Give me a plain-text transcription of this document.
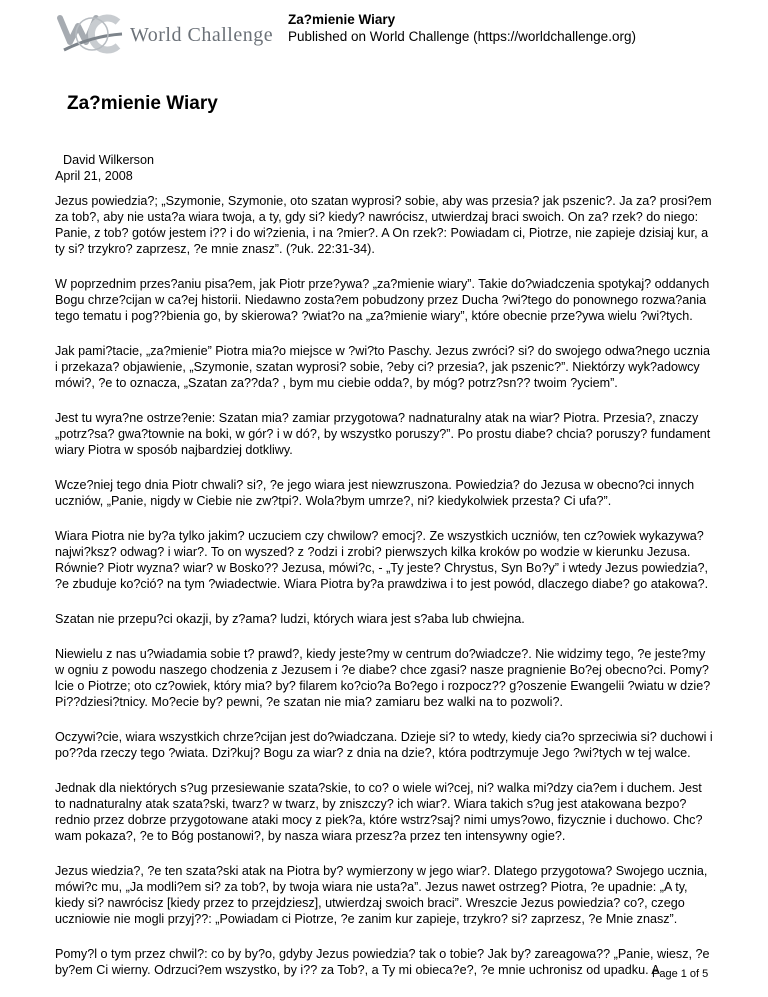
World Challenge
Za?mienie Wiary
Published on World Challenge (https://worldchallenge.org)
Za?mienie Wiary
David Wilkerson
April 21, 2008

Jezus powiedzia?; „Szymonie, Szymonie, oto szatan wyprosi? sobie, aby was przesia? jak pszenic?. Ja za? prosi?em za tob?, aby nie usta?a wiara twoja, a ty, gdy si? kiedy? nawrócisz, utwierdzaj braci swoich. On za? rzek? do niego: Panie, z tob? gotów jestem i?? i do wi?zienia, i na ?mier?. A On rzek?: Powiadam ci, Piotrze, nie zapieje dzisiaj kur, a ty si? trzykro? zaprzesz, ?e mnie znasz”. (?uk. 22:31-34).

W poprzednim przes?aniu pisa?em, jak Piotr prze?ywa? „za?mienie wiary”. Takie do?wiadczenia spotykaj? oddanych Bogu chrze?cijan w ca?ej historii. Niedawno zosta?em pobudzony przez Ducha ?wi?tego do ponownego rozwa?ania tego tematu i pog??bienia go, by skierowa? ?wiat?o na „za?mienie wiary”, które obecnie prze?ywa wielu ?wi?tych.

Jak pami?tacie, „za?mienie” Piotra mia?o miejsce w ?wi?to Paschy. Jezus zwróci? si? do swojego odwa?nego ucznia i przekaza? objawienie, „Szymonie, szatan wyprosi? sobie, ?eby ci? przesia?, jak pszenic?”. Niektórzy wyk?adowcy mówi?, ?e to oznacza, „Szatan za??da? , bym mu ciebie odda?, by móg? potrz?sn?? twoim ?yciem”.

Jest tu wyra?ne ostrze?enie: Szatan mia? zamiar przygotowa? nadnaturalny atak na wiar? Piotra. Przesia?, znaczy „potrz?sa? gwa?townie na boki, w gór? i w dó?, by wszystko poruszy?”. Po prostu diabe? chcia? poruszy? fundament wiary Piotra w sposób najbardziej dotkliwy.

Wcze?niej tego dnia Piotr chwali? si?, ?e jego wiara jest niewzruszona. Powiedzia? do Jezusa w obecno?ci innych uczniów, „Panie, nigdy w Ciebie nie zw?tpi?. Wola?bym umrze?, ni? kiedykolwiek przesta? Ci ufa?”.

Wiara Piotra nie by?a tylko jakim? uczuciem czy chwilow? emocj?. Ze wszystkich uczniów, ten cz?owiek wykazywa? najwi?ksz? odwag? i wiar?. To on wyszed? z ?odzi i zrobi? pierwszych kilka kroków po wodzie w kierunku Jezusa. Równie? Piotr wyzna? wiar? w Bosko?? Jezusa, mówi?c, - „Ty jeste? Chrystus, Syn Bo?y” i wtedy Jezus powiedzia?, ?e zbuduje ko?ció? na tym ?wiadectwie. Wiara Piotra by?a prawdziwa i to jest powód, dlaczego diabe? go atakowa?.

Szatan nie przepu?ci okazji, by z?ama? ludzi, których wiara jest s?aba lub chwiejna.

Niewielu z nas u?wiadamia sobie t? prawd?, kiedy jeste?my w centrum do?wiadcze?. Nie widzimy tego, ?e jeste?my w ogniu z powodu naszego chodzenia z Jezusem i ?e diabe? chce zgasi? nasze pragnienie Bo?ej obecno?ci. Pomy?lcie o Piotrze; oto cz?owiek, który mia? by? filarem ko?cio?a Bo?ego i rozpocz?? g?oszenie Ewangelii ?wiatu w dzie? Pi??dziesi?tnicy. Mo?ecie by? pewni, ?e szatan nie mia? zamiaru bez walki na to pozwoli?.

Oczywi?cie, wiara wszystkich chrze?cijan jest do?wiadczana. Dzieje si? to wtedy, kiedy cia?o sprzeciwia si? duchowi i po??da rzeczy tego ?wiata. Dzi?kuj? Bogu za wiar? z dnia na dzie?, która podtrzymuje Jego ?wi?tych w tej walce.

Jednak dla niektórych s?ug przesiewanie szata?skie, to co? o wiele wi?cej, ni? walka mi?dzy cia?em i duchem. Jest to nadnaturalny atak szata?ski, twarz? w twarz, by zniszczy? ich wiar?. Wiara takich s?ug jest atakowana bezpo?rednio przez dobrze przygotowane ataki mocy z piek?a, które wstrz?saj? nimi umys?owo, fizycznie i duchowo. Chc? wam pokaza?, ?e to Bóg postanowi?, by nasza wiara przesz?a przez ten intensywny ogie?.

Jezus wiedzia?, ?e ten szata?ski atak na Piotra by? wymierzony w jego wiar?. Dlatego przygotowa? Swojego ucznia, mówi?c mu, „Ja modli?em si? za tob?, by twoja wiara nie usta?a”. Jezus nawet ostrzeg? Piotra, ?e upadnie: „A ty, kiedy si? nawrócisz [kiedy przez to przejdziesz], utwierdzaj swoich braci”. Wreszcie Jezus powiedzia? co?, czego uczniowie nie mogli przyj??: „Powiadam ci Piotrze, ?e zanim kur zapieje, trzykro? si? zaprzesz, ?e Mnie znasz”.

Pomy?l o tym przez chwil?: co by by?o, gdyby Jezus powiedzia? tak o tobie? Jak by? zareagowa?? „Panie, wiesz, ?e by?em Ci wierny. Odrzuci?em wszystko, by i?? za Tob?, a Ty mi obieca?e?, ?e mnie uchronisz od upadku. A

Page 1 of 5
